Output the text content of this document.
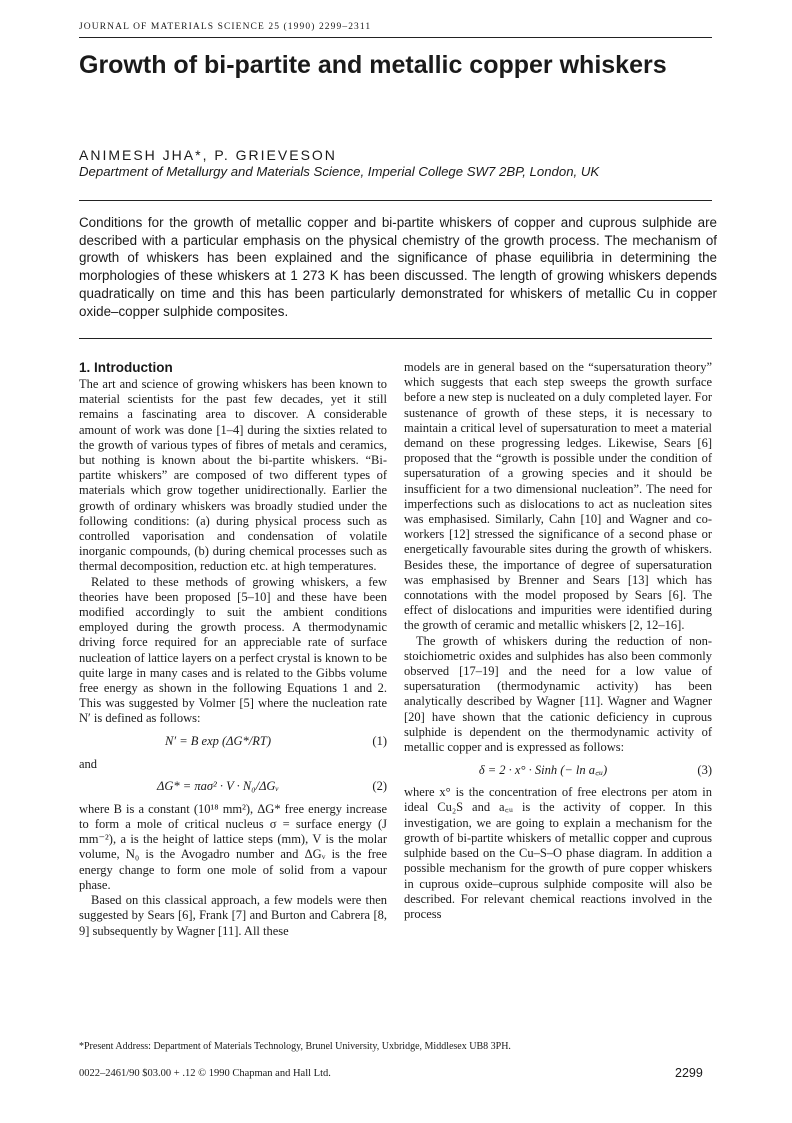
JOURNAL OF MATERIALS SCIENCE 25 (1990) 2299–2311
Growth of bi-partite and metallic copper whiskers
ANIMESH JHA*, P. GRIEVESON
Department of Metallurgy and Materials Science, Imperial College SW7 2BP, London, UK

Conditions for the growth of metallic copper and bi-partite whiskers of copper and cuprous sulphide are described with a particular emphasis on the physical chemistry of the growth process. The mechanism of growth of whiskers has been explained and the significance of phase equilibria in determining the morphologies of these whiskers at 1 273 K has been discussed. The length of growing whiskers depends quadratically on time and this has been particularly demonstrated for whiskers of metallic Cu in copper oxide–copper sulphide composites.

1. Introduction

The art and science of growing whiskers has been known to material scientists for the past few decades, yet it still remains a fascinating area to discover. A considerable amount of work was done [1–4] during the sixties related to the growth of various types of fibres of metals and ceramics, but nothing is known about the bi-partite whiskers. “Bi-partite whiskers” are composed of two different types of materials which grow together unidirectionally. Earlier the growth of ordinary whiskers was broadly studied under the following conditions: (a) during physical process such as controlled vaporisation and condensation of volatile inorganic compounds, (b) during chemical processes such as thermal decomposition, reduction etc. at high temperatures.

Related to these methods of growing whiskers, a few theories have been proposed [5–10] and these have been modified accordingly to suit the ambient conditions employed during the growth process. A thermodynamic driving force required for an appreciable rate of surface nucleation of lattice layers on a perfect crystal is known to be quite large in many cases and is related to the Gibbs volume free energy as shown in the following Equations 1 and 2. This was suggested by Volmer [5] where the nucleation rate N′ is defined as follows:

N′ = B exp (ΔG*/RT)	(1)

and

ΔG* = πaσ² · V · N₀/ΔGᵥ	(2)

where B is a constant (10¹⁸ mm²), ΔG* free energy increase to form a mole of critical nucleus σ = surface energy (J mm⁻²), a is the height of lattice steps (mm), V is the molar volume, N₀ is the Avogadro number and ΔGᵥ is the free energy change to form one mole of solid from a vapour phase.

Based on this classical approach, a few models were then suggested by Sears [6], Frank [7] and Burton and Cabrera [8, 9] subsequently by Wagner [11]. All these

models are in general based on the “supersaturation theory” which suggests that each step sweeps the growth surface before a new step is nucleated on a duly completed layer. For sustenance of growth of these steps, it is necessary to maintain a critical level of supersaturation to meet a material demand on these progressing ledges. Likewise, Sears [6] proposed that the “growth is possible under the condition of supersaturation of a growing species and it should be insufficient for a two dimensional nucleation”. The need for imperfections such as dislocations to act as nucleation sites was emphasised. Similarly, Cahn [10] and Wagner and co-workers [12] stressed the significance of a second phase or energetically favourable sites during the growth of whiskers. Besides these, the importance of degree of supersaturation was emphasised by Brenner and Sears [13] which has connotations with the model proposed by Sears [6]. The effect of dislocations and impurities were identified during the growth of ceramic and metallic whiskers [2, 12–16].

The growth of whiskers during the reduction of non-stoichiometric oxides and sulphides has also been commonly observed [17–19] and the need for a low value of supersaturation (thermodynamic activity) has been analytically described by Wagner [11]. Wagner and Wagner [20] have shown that the cationic deficiency in cuprous sulphide is dependent on the thermodynamic activity of metallic copper and is expressed as follows:

δ = 2 · x° · Sinh (− ln a꜀ᵤ)	(3)

where x° is the concentration of free electrons per atom in ideal Cu₂S and a꜀ᵤ is the activity of copper. In this investigation, we are going to explain a mechanism for the growth of bi-partite whiskers of metallic copper and cuprous sulphide based on the Cu–S–O phase diagram. In addition a possible mechanism for the growth of pure copper whiskers in cuprous oxide–cuprous sulphide composite will also be described. For relevant chemical reactions involved in the process

*Present Address: Department of Materials Technology, Brunel University, Uxbridge, Middlesex UB8 3PH.
0022–2461/90 $03.00 + .12 © 1990 Chapman and Hall Ltd.	2299
